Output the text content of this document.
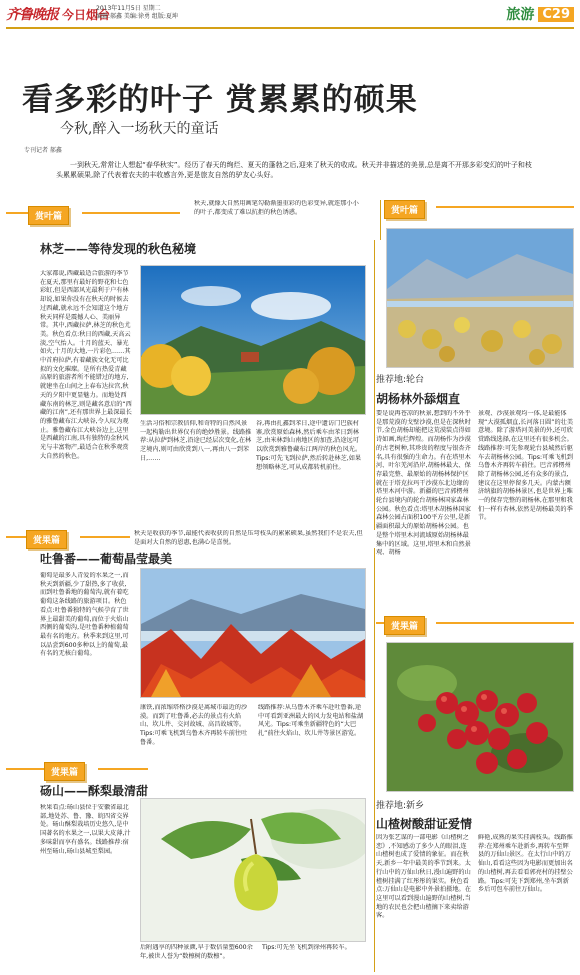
齐鲁晚报 今日烟台
2013年11月5日 星期二
编辑:郝鑫 美编:徐勇 组版:夏坤	旅游 C29
看多彩的叶子 赏累累的硕果
今秋,醉入一场秋天的童话
专刊记者 郝鑫
一到秋天,常常让人想起“春华秋实”。经历了春天的绚烂、夏天的蓬勃之后,迎来了秋天的收成。秋天并非描述的美景,总是离不开那多彩变幻的叶子和枝头累累硕果,除了代表着农夫的丰收感言外,更是旅友自然的驴友心头好。
赏叶篇
秋天,就像大自然用画笔勾勒渐墨重彩的色彩变异,就连那小小的叶子,都变成了难以抗拒的秋色诱惑。	赏叶篇
林芝——等待发现的秋色秘境
大家都说,西藏最适合旅游的季节在夏天,那里有最好的野花和七色彩虹,但是西部风光最利于户有林却说,如果你没有在秋天的时候去过西藏,就永远不会知道这个地方秋天同样是震撼人心、美丽异常。其中,西藏拉萨,林芝的秋色尤美。秋色看点:秋日的西藏,天高云淡,空气怡人。十月的蓝天、暴光如火,十月的大地,一片彩色……其中首府拉萨,有着藏族文化无可比拟的文化璀璨。是所有热爱青藏高原的旅游者所不能错过的地方,就建坐在山间之上春布达拉宫,秋天的夕阳中更显魅力。而地处西藏东南的林芝,则是藏名意启的“西藏的江南”,还有那世界上最深最长的雅鲁藏布江大峡谷,令人叹为观止。雅鲁藏布江大峡谷边上,这里是西藏的江南,具有独特的金秋风光与丰富物产,最适合在秋季观赏大自然的秋色。
生活习俗和宗教信仰,和奇特的自然风景一起构勒出世界仅有的绝妙胜景。线路推荐:从拉萨到林芝,沿途已经层次变化,在林芝境内,则可由欣赏到八一,再由八一到苯日,……
谷,再由扎鑫到苯日,途中遗访门巴族村寨,欣赏原始森林,然后乘车由苯日到林芝,由米林到山南地区的加查,沿途远可以欣赏到雅鲁藏布江两岸的秋色风光。Tips:可先飞到拉萨,然后转赴林芝,如果想领略林芝,可从成都转机前往。
推荐地:轮台
胡杨林外舔烟直
要是说再苍凉的秋景,想到的不外乎是那荒漠的戈壁沙漠,但是在深秋时节,金色胡杨却能把这荒漠装点得如诗如画,绚烂辉煌。而胡杨作为沙漠的古老树种,其珍贵的程度与银杏齐名,具有很强的生命力。有在塔里木河、叶尔羌河沿岸,胡杨林最大、保存最完整、最原始的胡杨林保护区就在于塔克拉玛干沙漠东北边缘的塔里木河中游。新疆的巴音郭楞州轮台县境内的轮台胡杨林国家森林公园。秋色看点:塔里木胡杨林国家森林公园占面积100平方公里,是新疆面积最大的原始胡杨林公园。也是整个塔里木河流域原始胡杨林最集中的区域。这里,塔里木和自然景观、胡杨
景观、沙漠景观均一体,是最能体现“大漠孤烟直,长河落日圆”的壮美意境。除了游塔河美景的外,还可欣赏路线选择,在这里还有很多机会。线路推荐:可先参观轮台县城然后驱车去胡杨林公园。Tips:可乘飞机到乌鲁木齐再转车前往。巴音郭楞州除了胡杨林公园,还有众多的景点,建议在这里停留多几天。内蒙古额济纳旗的胡杨林景区,也是世界上唯一的保存完整的胡杨林,在那里和我们一样有杏林,依然是胡杨最美的季节。
秋天是收获的季节,最能代表收获的自然是压弯枝头的累累硕果,虽然我们不是农夫,但是面对大自然的恩惠,也满心是喜悦。
赏果篇
吐鲁番——葡萄晶莹最美
葡萄是最多人青爱的水果之一,而秋天到新疆,少了甜热,多了收获,而到吐鲁番地的葡萄沟,就有着吃葡萄这条线路的旅游项目。秋色看点:吐鲁番独特的气候孕育了世界上最甜美的葡萄,而位于火焰山西侧的葡萄沟,是吐鲁番种植葡萄最有名的地方。秋季来到这里,可以品尝到600多种以上的葡萄,最有名的无核白葡萄。
康铁,而浓缩塔格沙漠是离城市最近的沙漠。而到了吐鲁番,必去的景点有火焰山、坎儿井、交河故城、高昌故城等。Tips:可乘飞机到乌鲁木齐再转车前往吐鲁番。
线路推荐:从乌鲁木齐乘车赴吐鲁番,途中可看到亚洲最大的风力发电站和盐湖风光。Tips:可乘坐新疆特色的“大巴扎”前往火焰山、坎儿井等景区游览。
赏果篇
推荐地:新乡
山楂树酸甜证爱情
因为张艺谋的一部电影《山楂树之恋》,不知感动了多少人的眼泪,连山楂树也成了爱情的象征。而在秋天,新乡一年中最美的季节到来。太行山中的万仙山秋日,漫山遍野的山楂树挂满了红彤彤的果实。秋色看点:万仙山是电影中外景拍摄地。在这里可以看到漫山遍野的山楂树,当地的农民也会把山楂摘下来卖给游客。
鲜艳,成熟的果实挂满枝头。线路推荐:在郑州乘车赴新乡,再转车至辉县的万仙山景区。在太行山中的万仙山,看看这些因为电影而更加出名的山楂树,再去看看郭亮村的挂壁公路。Tips:可先下到郑州,坐车到新乡后可包车前往万仙山。
赏果篇
砀山——酥梨最清甜
秋果看点:砀山县位于安徽省最北部,地处苏、鲁、豫、皖四省交界处。砀山酥梨栽培历史悠久,是中国著名的水果之一,以果大皮薄,汁多味甜而享有盛名。线路推荐:宿州至砀山,砀山县城至梨园。
后附遇享的四种景颜,早于数倍量塑600余年,被世人誉为“数檩树的数檩”。
Tips:可先坐飞机到徐州再转车。
